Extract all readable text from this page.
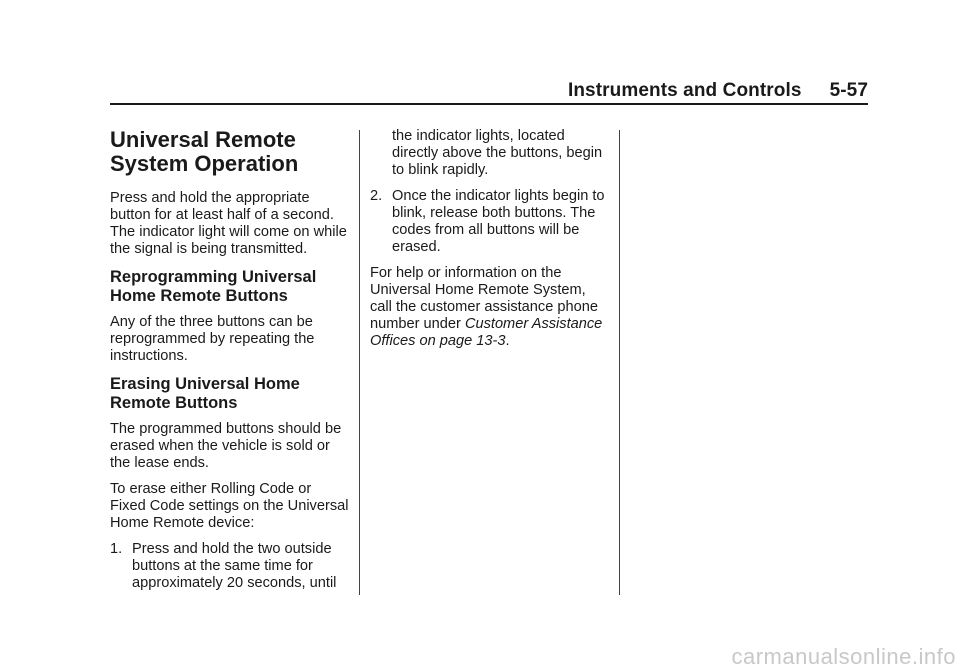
Instruments and Controls 5-57
Universal Remote System Operation

Press and hold the appropriate button for at least half of a second. The indicator light will come on while the signal is being transmitted.

Reprogramming Universal Home Remote Buttons

Any of the three buttons can be reprogrammed by repeating the instructions.

Erasing Universal Home Remote Buttons

The programmed buttons should be erased when the vehicle is sold or the lease ends.

To erase either Rolling Code or Fixed Code settings on the Universal Home Remote device:

1. Press and hold the two outside buttons at the same time for approximately 20 seconds, until
the indicator lights, located directly above the buttons, begin to blink rapidly.
2. Once the indicator lights begin to blink, release both buttons. The codes from all buttons will be erased.

For help or information on the Universal Home Remote System, call the customer assistance phone number under Customer Assistance Offices on page 13-3.

carmanualsonline.info
